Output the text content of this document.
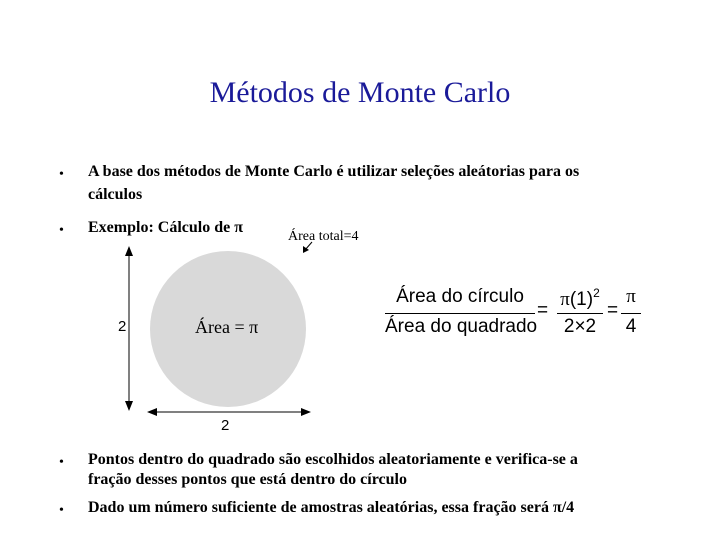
Métodos de Monte Carlo
• A base dos métodos de Monte Carlo é utilizar seleções aleátorias para os
cálculos
• Exemplo: Cálculo de π
Área total=4
2
2
Área = π
Área do círculo
Área do quadrado
=
$\pi(1)^2$
2×2
=
π
4
• Pontos dentro do quadrado são escolhidos aleatoriamente e verifica-se a
fração desses pontos que está dentro do círculo
• Dado um número suficiente de amostras aleatórias, essa fração será π/4
